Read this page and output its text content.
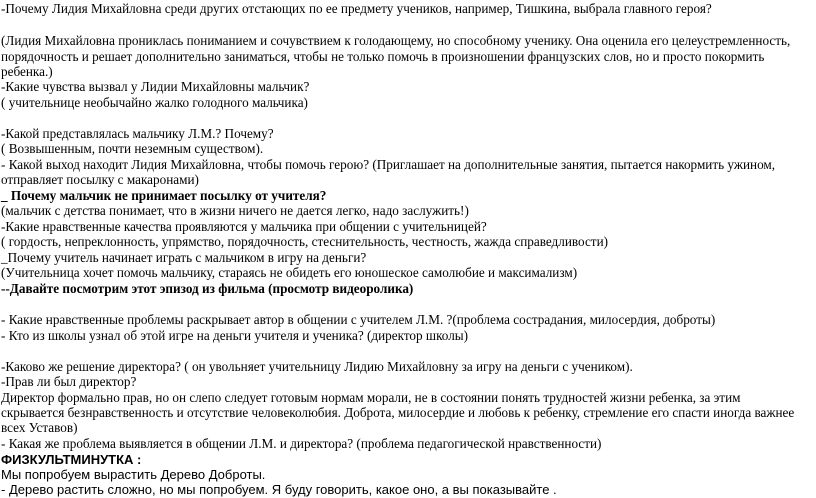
-Почему Лидия Михайловна среди других отстающих по ее предмету учеников, например, Тишкина, выбрала главного героя?
(Лидия Михайловна прониклась пониманием и сочувствием к голодающему, но способному ученику. Она оценила его целеустремленность,
порядочность и решает дополнительно заниматься, чтобы не только помочь в произношении французских слов, но и просто покормить
ребенка.)
-Какие чувства вызвал у Лидии Михайловны мальчик?
( учительнице необычайно жалко голодного мальчика)
-Какой представлялась мальчику Л.М.? Почему?
( Возвышенным, почти неземным существом).
- Какой выход находит Лидия Михайловна, чтобы помочь герою? (Приглашает на дополнительные занятия, пытается накормить ужином,
отправляет посылку с макаронами)
_ Почему мальчик не принимает посылку от учителя?
(мальчик с детства понимает, что в жизни ничего не дается легко, надо заслужить!)
-Какие нравственные качества проявляются у мальчика при общении с учительницей?
( гордость, непреклонность, упрямство, порядочность, стеснительность, честность, жажда справедливости)
_Почему учитель начинает играть с мальчиком в игру на деньги?
(Учительница хочет помочь мальчику, стараясь не обидеть его юношеское самолюбие и максимализм)
--Давайте посмотрим этот эпизод из фильма (просмотр видеоролика)
- Какие нравственные проблемы раскрывает автор в общении с учителем Л.М. ?(проблема сострадания, милосердия, доброты)
- Кто из школы узнал об этой игре на деньги учителя и ученика? (директор школы)
-Каково же решение директора? ( он увольняет учительницу Лидию Михайловну за игру на деньги с учеником).
-Прав ли был директор?
Директор формально прав, но он слепо следует готовым нормам морали, не в состоянии понять трудностей жизни ребенка, за этим
скрывается безнравственность и отсутствие человеколюбия. Доброта, милосердие и любовь к ребенку, стремление его спасти иногда важнее
всех Уставов)
- Какая же проблема выявляется в общении Л.М. и директора? (проблема педагогической нравственности)
ФИЗКУЛЬТМИНУТКА :
Мы попробуем вырастить Дерево Доброты.
- Дерево растить сложно, но мы попробуем. Я буду говорить, какое оно, а вы показывайте .
